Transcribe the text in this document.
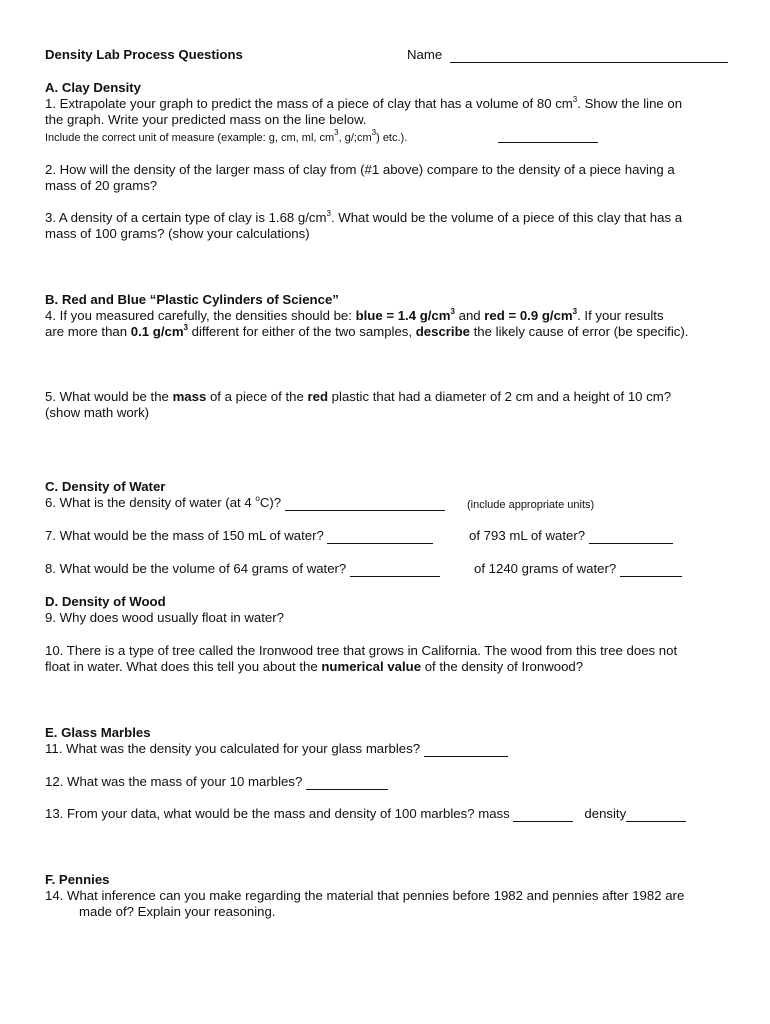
Density Lab Process Questions	Name
A. Clay Density
1. Extrapolate your graph to predict the mass of a piece of clay that has a volume of 80 $cm^3$. Show the line on
the graph. Write your predicted mass on the line below.
Include the correct unit of measure (example: g, cm, ml, $cm^3$, $g/;cm^3$) etc.).
2. How will the density of the larger mass of clay from (#1 above) compare to the density of a piece having a
mass of 20 grams?
3. A density of a certain type of clay is 1.68 $g/cm^3$. What would be the volume of a piece of this clay that has a
mass of 100 grams? (show your calculations)
B. Red and Blue “Plastic Cylinders of Science”
4. If you measured carefully, the densities should be: blue = 1.4 $g/cm^3$ and red = 0.9 $g/cm^3$. If your results
are more than 0.1 $g/cm^3$ different for either of the two samples, describe the likely cause of error (be specific).
5. What would be the mass of a piece of the red plastic that had a diameter of 2 cm and a height of 10 cm?
(show math work)
C. Density of Water
6. What is the density of water (at 4 $^o$C)?	(include appropriate units)
7. What would be the mass of 150 mL of water?	of 793 mL of water?
8. What would be the volume of 64 grams of water?	of 1240 grams of water?
D. Density of Wood
9. Why does wood usually float in water?
10. There is a type of tree called the Ironwood tree that grows in California. The wood from this tree does not
float in water. What does this tell you about the numerical value of the density of Ironwood?
E. Glass Marbles
11. What was the density you calculated for your glass marbles?
12. What was the mass of your 10 marbles?
13. From your data, what would be the mass and density of 100 marbles? mass	density
F. Pennies
14. What inference can you make regarding the material that pennies before 1982 and pennies after 1982 are
made of? Explain your reasoning.
